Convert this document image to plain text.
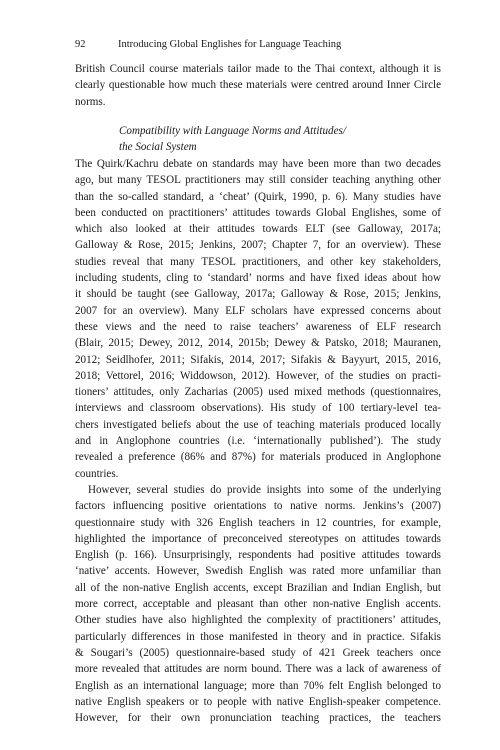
92	Introducing Global Englishes for Language Teaching
British Council course materials tailor made to the Thai context, although it is
clearly questionable how much these materials were centred around Inner Circle
norms.
Compatibility with Language Norms and Attitudes/
the Social System
The Quirk/Kachru debate on standards may have been more than two decades
ago, but many TESOL practitioners may still consider teaching anything other
than the so-called standard, a ‘cheat’ (Quirk, 1990, p. 6). Many studies have
been conducted on practitioners’ attitudes towards Global Englishes, some of
which also looked at their attitudes towards ELT (see Galloway, 2017a;
Galloway & Rose, 2015; Jenkins, 2007; Chapter 7, for an overview). These
studies reveal that many TESOL practitioners, and other key stakeholders,
including students, cling to ‘standard’ norms and have fixed ideas about how
it should be taught (see Galloway, 2017a; Galloway & Rose, 2015; Jenkins,
2007 for an overview). Many ELF scholars have expressed concerns about
these views and the need to raise teachers’ awareness of ELF research
(Blair, 2015; Dewey, 2012, 2014, 2015b; Dewey & Patsko, 2018; Mauranen,
2012; Seidlhofer, 2011; Sifakis, 2014, 2017; Sifakis & Bayyurt, 2015, 2016,
2018; Vettorel, 2016; Widdowson, 2012). However, of the studies on practi-
tioners’ attitudes, only Zacharias (2005) used mixed methods (questionnaires,
interviews and classroom observations). His study of 100 tertiary-level tea-
chers investigated beliefs about the use of teaching materials produced locally
and in Anglophone countries (i.e. ‘internationally published’). The study
revealed a preference (86% and 87%) for materials produced in Anglophone
countries.
However, several studies do provide insights into some of the underlying
factors influencing positive orientations to native norms. Jenkins’s (2007)
questionnaire study with 326 English teachers in 12 countries, for example,
highlighted the importance of preconceived stereotypes on attitudes towards
English (p. 166). Unsurprisingly, respondents had positive attitudes towards
‘native’ accents. However, Swedish English was rated more unfamiliar than
all of the non-native English accents, except Brazilian and Indian English, but
more correct, acceptable and pleasant than other non-native English accents.
Other studies have also highlighted the complexity of practitioners’ attitudes,
particularly differences in those manifested in theory and in practice. Sifakis
& Sougari’s (2005) questionnaire-based study of 421 Greek teachers once
more revealed that attitudes are norm bound. There was a lack of awareness of
English as an international language; more than 70% felt English belonged to
native English speakers or to people with native English-speaker competence.
However, for their own pronunciation teaching practices, the teachers
